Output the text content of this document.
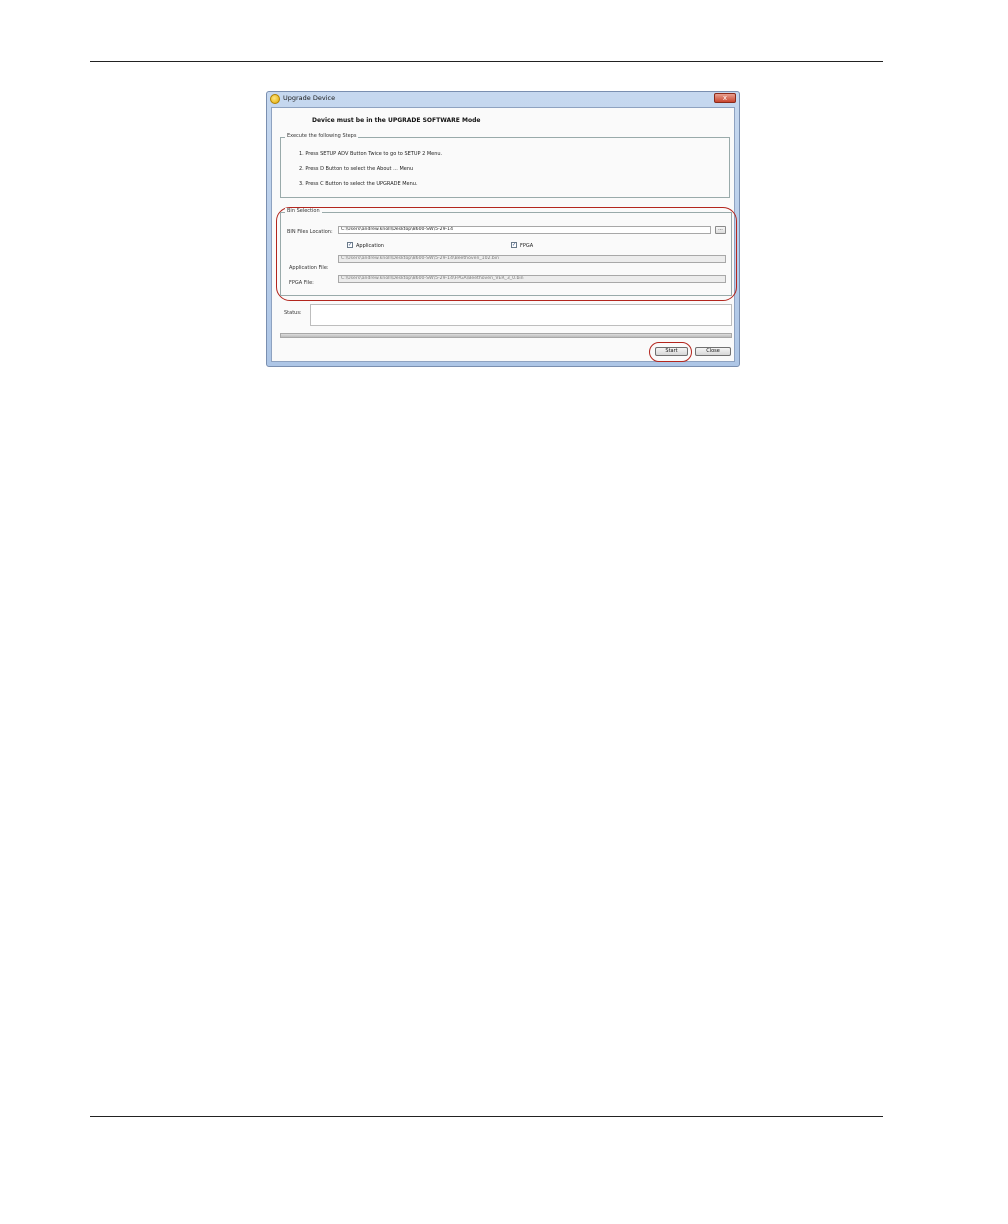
Upgrade Device	x
Device must be in the UPGRADE SOFTWARE Mode
Execute the following Steps
1. Press SETUP ADV Button Twice to go to SETUP 2 Menu.
2. Press D Button to select the About ... Menu
3. Press C Button to select the UPGRADE Menu.
Bin Selection
BIN Files Location:	C:\Users\andrew.knoll\Desktop\8600-SW\5-29-14	...
✓ Application	✓ FPGA
Application File:
C:\Users\andrew.knoll\Desktop\8600-SW\5-29-14\Beethoven_102.bin
FPGA File:
C:\Users\andrew.knoll\Desktop\8600-SW\5-29-14\FPGA\Beethoven_VER_3_0.bin
Status:
Start	Close
